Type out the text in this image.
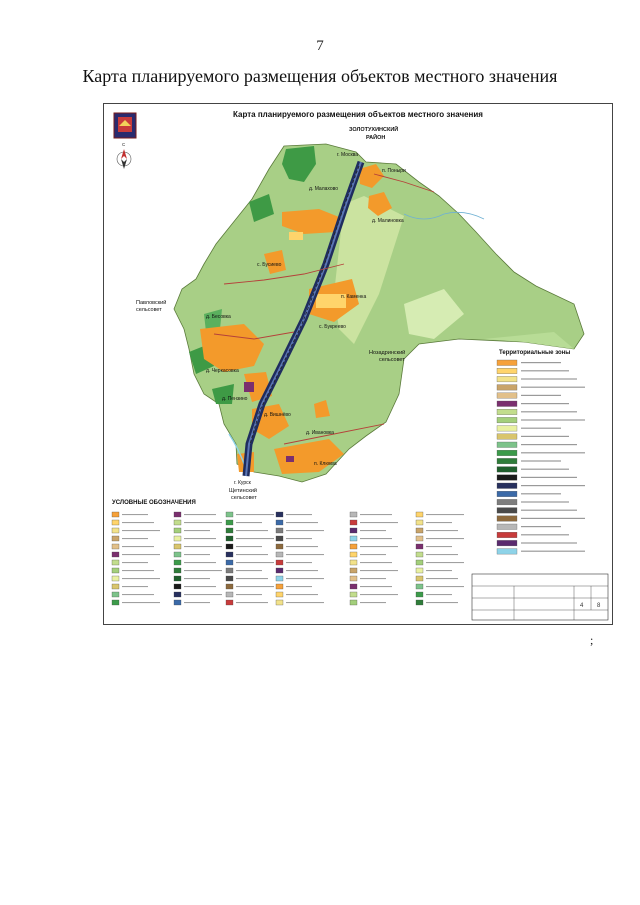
7
Карта планируемого размещения объектов местного значения
Карта планируемого размещения объектов местного значения
С
г. Москва
п. Поныри
г. Курск
д. Малахово
с. Бусиево
д. Бесовка
с. Букреево
д. Черкасовка
д. Пензино
д. Вишнёво
д. Ивановка
п. Каменка
п. Клюква
д. Малиновка
ЗОЛОТУХИНСКИЙ
РАЙОН
Павловский
сельсовет
Нозадринский
сельсовет
Щетинский
сельсовет
Территориальные зоны
УСЛОВНЫЕ ОБОЗНАЧЕНИЯ
4 8
;
